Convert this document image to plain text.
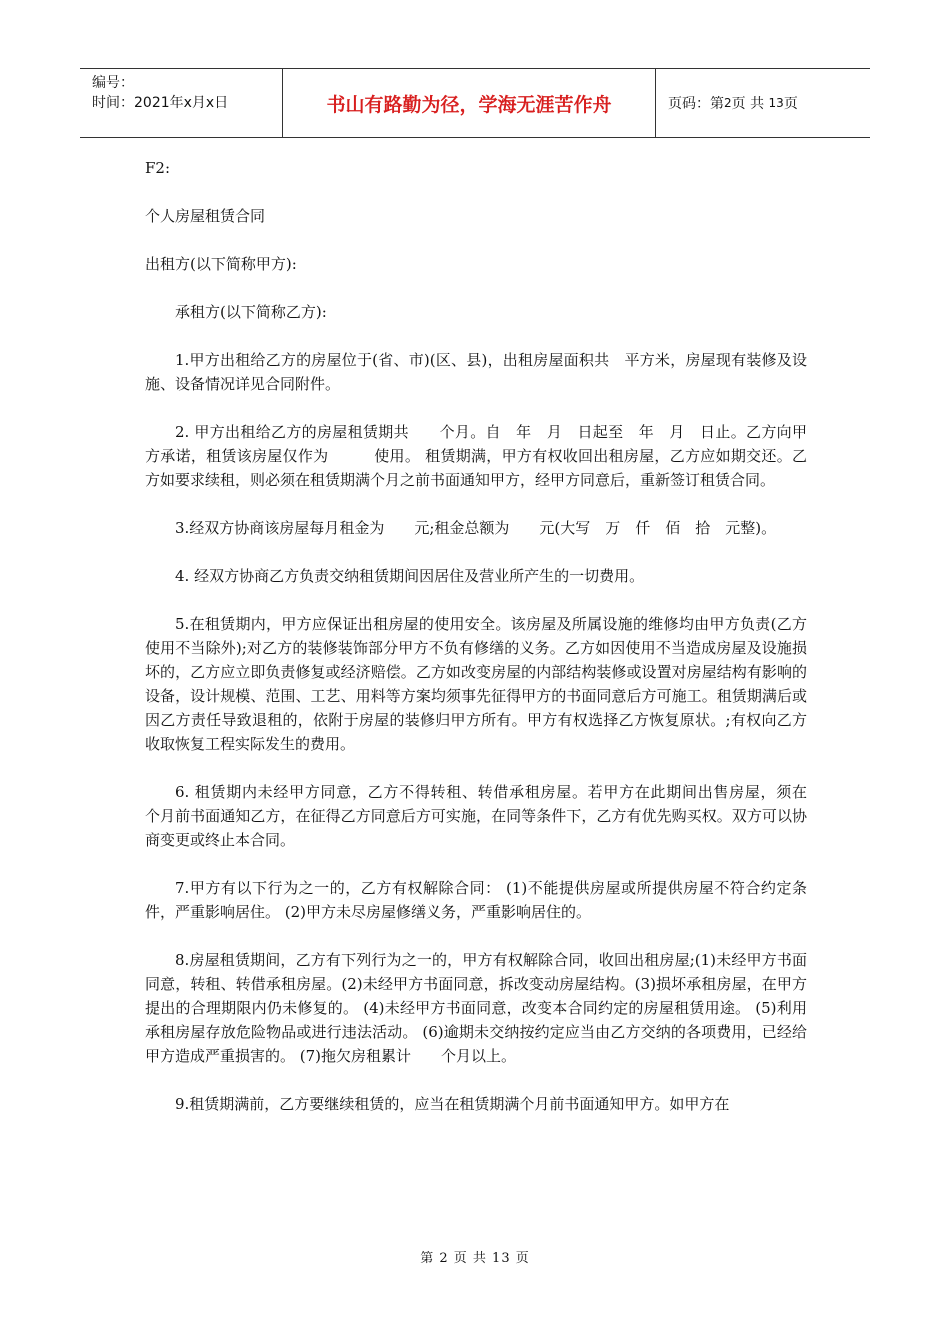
编号：
时间：2021年x月x日	书山有路勤为径，学海无涯苦作舟	页码：第 2 页 共
13 页

F2:

个人房屋租赁合同

出租方(以下简称甲方):

承租方(以下简称乙方):

1.甲方出租给乙方的房屋位于(省、市)(区、县)，出租房屋面积共　平方米，房屋现有装修及设施、设备情况详见合同附件。

2. 甲方出租给乙方的房屋租赁期共　　个月。自　年　月　日起至　年　月　日止。乙方向甲方承诺，租赁该房屋仅作为　　　使用。 租赁期满，甲方有权收回出租房屋，乙方应如期交还。乙方如要求续租，则必须在租赁期满个月之前书面通知甲方，经甲方同意后，重新签订租赁合同。

3.经双方协商该房屋每月租金为　　元;租金总额为　　元(大写　万　仟　佰　拾　元整)。

4. 经双方协商乙方负责交纳租赁期间因居住及营业所产生的一切费用。

5.在租赁期内，甲方应保证出租房屋的使用安全。该房屋及所属设施的维修均由甲方负责(乙方使用不当除外);对乙方的装修装饰部分甲方不负有修缮的义务。乙方如因使用不当造成房屋及设施损坏的，乙方应立即负责修复或经济赔偿。乙方如改变房屋的内部结构装修或设置对房屋结构有影响的设备，设计规模、范围、工艺、用料等方案均须事先征得甲方的书面同意后方可施工。租赁期满后或因乙方责任导致退租的，依附于房屋的装修归甲方所有。甲方有权选择乙方恢复原状。;有权向乙方收取恢复工程实际发生的费用。

6. 租赁期内未经甲方同意，乙方不得转租、转借承租房屋。若甲方在此期间出售房屋，须在　　个月前书面通知乙方，在征得乙方同意后方可实施，在同等条件下，乙方有优先购买权。双方可以协商变更或终止本合同。

7.甲方有以下行为之一的，乙方有权解除合同： (1)不能提供房屋或所提供房屋不符合约定条件，严重影响居住。 (2)甲方未尽房屋修缮义务，严重影响居住的。

8.房屋租赁期间，乙方有下列行为之一的，甲方有权解除合同，收回出租房屋;(1)未经甲方书面同意，转租、转借承租房屋。(2)未经甲方书面同意，拆改变动房屋结构。(3)损坏承租房屋，在甲方提出的合理期限内仍未修复的。 (4)未经甲方书面同意，改变本合同约定的房屋租赁用途。 (5)利用承租房屋存放危险物品或进行违法活动。 (6)逾期未交纳按约定应当由乙方交纳的各项费用，已经给甲方造成严重损害的。 (7)拖欠房租累计　　个月以上。

9.租赁期满前，乙方要继续租赁的，应当在租赁期满个月前书面通知甲方。如甲方在

第 2 页 共 13 页
